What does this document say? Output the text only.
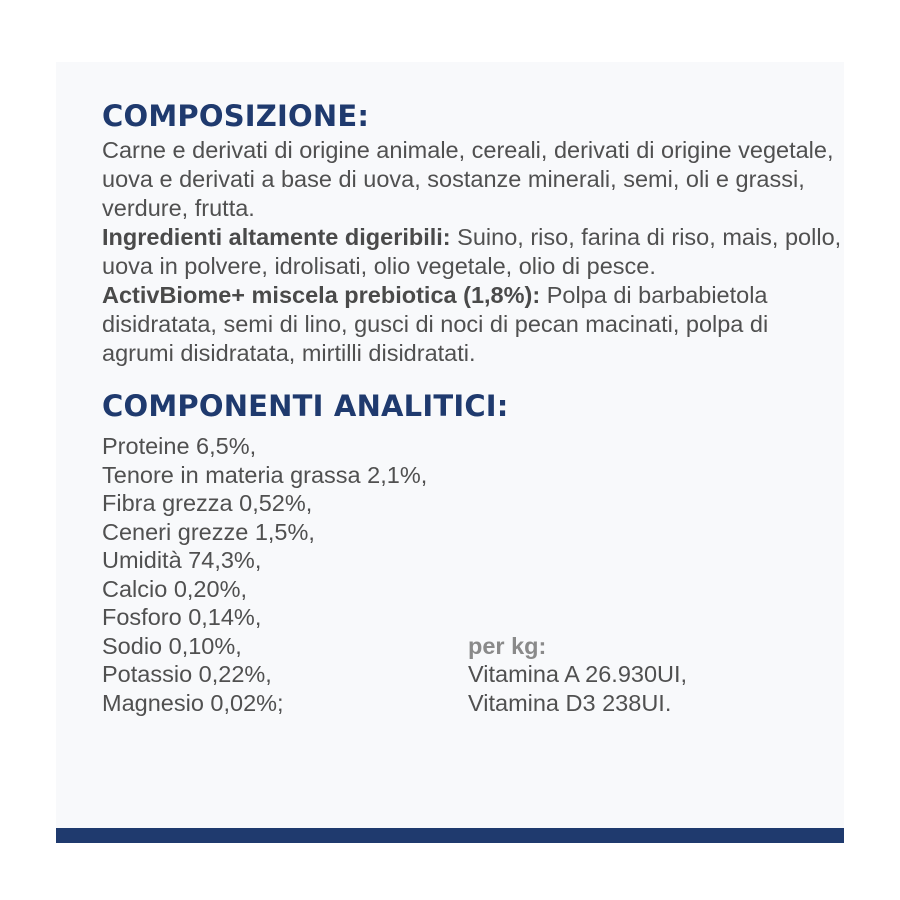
COMPOSIZIONE:

Carne e derivati di origine animale, cereali, derivati di origine vegetale, uova e derivati a base di uova, sostanze minerali, semi, oli e grassi, verdure, frutta.

Ingredienti altamente digeribili: Suino, riso, farina di riso, mais, pollo, uova in polvere, idrolisati, olio vegetale, olio di pesce.

ActivBiome+ miscela prebiotica (1,8%): Polpa di barbabietola disidratata, semi di lino, gusci di noci di pecan macinati, polpa di agrumi disidratata, mirtilli disidratati.

COMPONENTI ANALITICI:
Proteine 6,5%,
Tenore in materia grassa 2,1%,
Fibra grezza 0,52%,
Ceneri grezze 1,5%,
Umidità 74,3%,
Calcio 0,20%,
Fosforo 0,14%,
Sodio 0,10%,
Potassio 0,22%,
Magnesio 0,02%;
per kg:
Vitamina A 26.930UI,
Vitamina D3 238UI.
